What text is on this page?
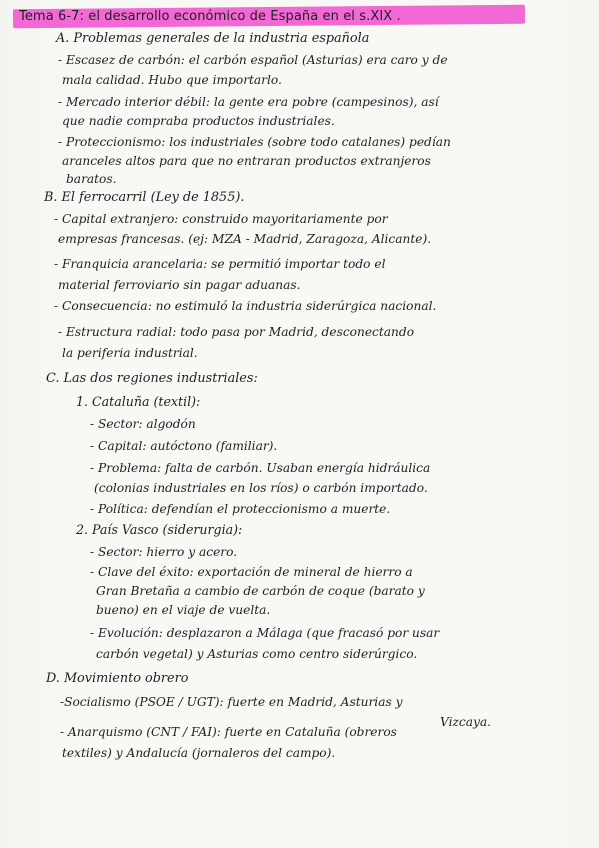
Tema 6-7: el desarrollo económico de España en el s.XIX .
A. Problemas generales de la industria española
- Escasez de carbón: el carbón español (Asturias) era caro y de
mala calidad. Hubo que importarlo.
- Mercado interior débil: la gente era pobre (campesinos), así
que nadie compraba productos industriales.
- Proteccionismo: los industriales (sobre todo catalanes) pedían
aranceles altos para que no entraran productos extranjeros
baratos.
B. El ferrocarril (Ley de 1855).
- Capital extranjero: construido mayoritariamente por
empresas francesas. (ej: MZA - Madrid, Zaragoza, Alicante).
- Franquicia arancelaria: se permitió importar todo el
material ferroviario sin pagar aduanas.
- Consecuencia: no estimuló la industria siderúrgica nacional.
- Estructura radial: todo pasa por Madrid, desconectando
la periferia industrial.
C. Las dos regiones industriales:
1. Cataluña (textil):
- Sector: algodón
- Capital: autóctono (familiar).
- Problema: falta de carbón. Usaban energía hidráulica
(colonias industriales en los ríos) o carbón importado.
- Política: defendían el proteccionismo a muerte.
2. País Vasco (siderurgia):
- Sector: hierro y acero.
- Clave del éxito: exportación de mineral de hierro a
Gran Bretaña a cambio de carbón de coque (barato y
bueno) en el viaje de vuelta.
- Evolución: desplazaron a Málaga (que fracasó por usar
carbón vegetal) y Asturias como centro siderúrgico.
D. Movimiento obrero
-Socialismo (PSOE / UGT): fuerte en Madrid, Asturias y
Vizcaya.
- Anarquismo (CNT / FAI): fuerte en Cataluña (obreros
textiles) y Andalucía (jornaleros del campo).
